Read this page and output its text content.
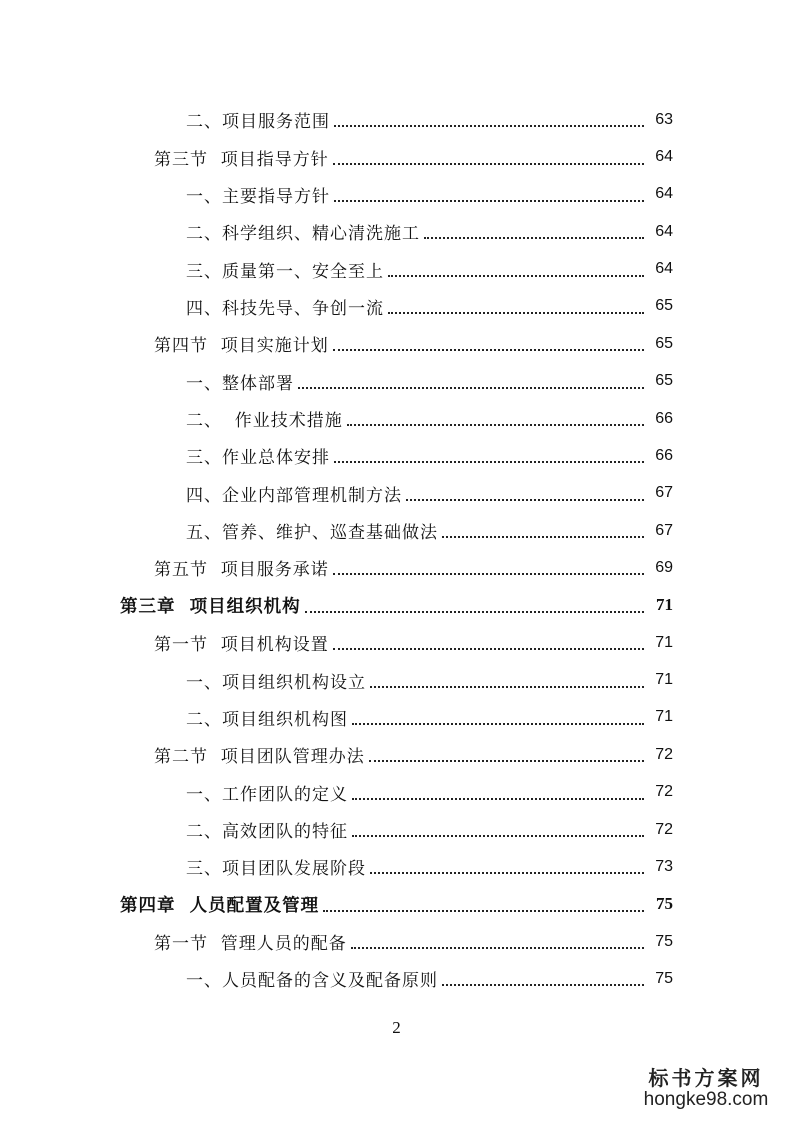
二、项目服务范围	63
第三节  项目指导方针	64
一、主要指导方针	64
二、科学组织、精心清洗施工	64
三、质量第一、安全至上	64
四、科技先导、争创一流	65
第四节  项目实施计划	65
一、整体部署	65
二、  作业技术措施	66
三、作业总体安排	66
四、企业内部管理机制方法	67
五、管养、维护、巡查基础做法	67
第五节  项目服务承诺	69
第三章  项目组织机构	71
第一节  项目机构设置	71
一、项目组织机构设立	71
二、项目组织机构图	71
第二节  项目团队管理办法	72
一、工作团队的定义	72
二、高效团队的特征	72
三、项目团队发展阶段	73
第四章  人员配置及管理	75
第一节  管理人员的配备	75
一、人员配备的含义及配备原则	75
2
标书方案网
hongke98.com
